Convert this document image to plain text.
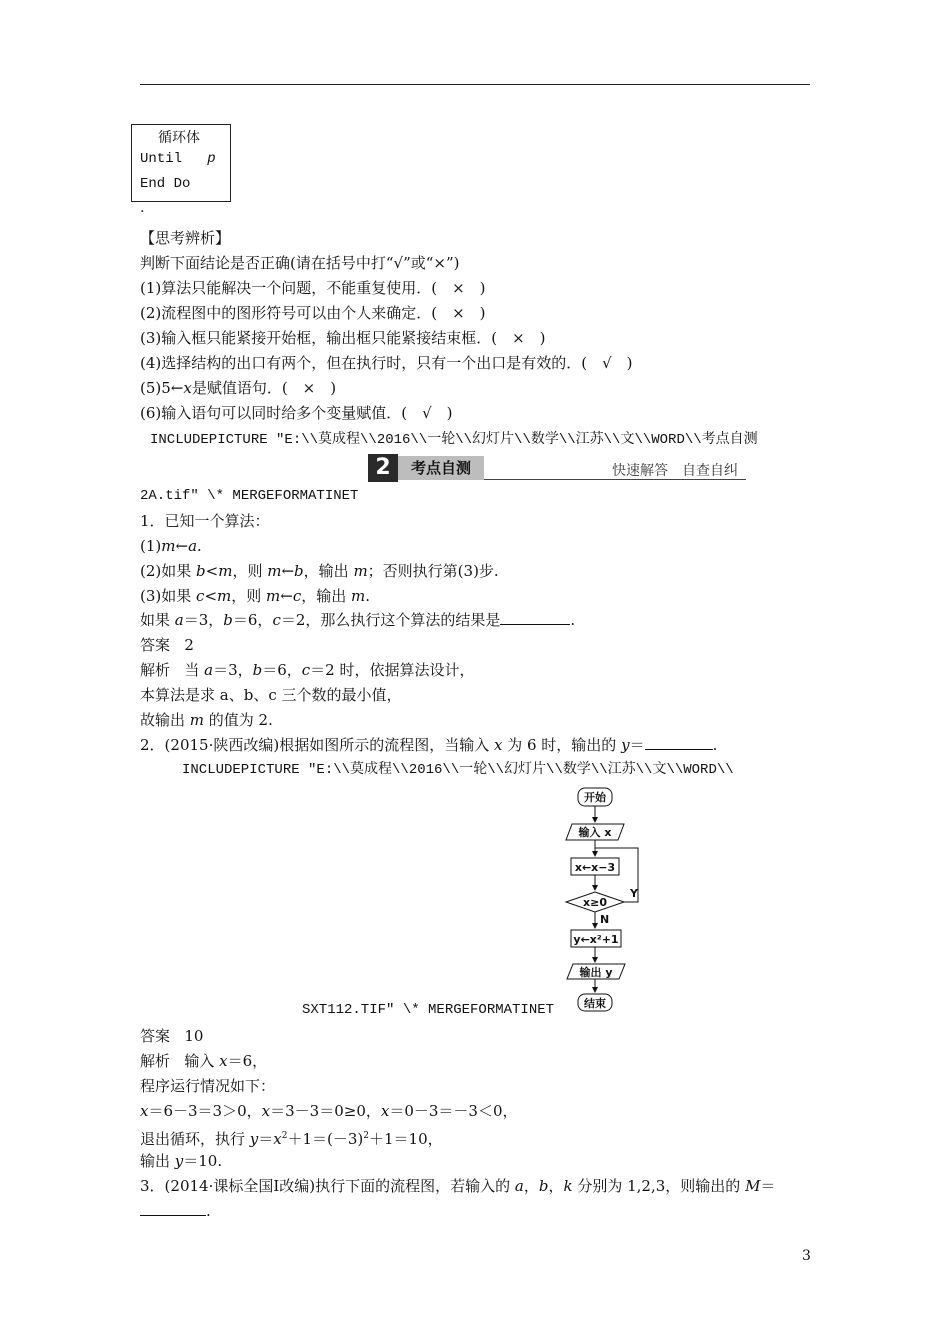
循环体
Until p
End Do
.
【思考辨析】
判断下面结论是否正确(请在括号中打“√”或“×”)
(1)算法只能解决一个问题，不能重复使用．(　×　)
(2)流程图中的图形符号可以由个人来确定．(　×　)
(3)输入框只能紧接开始框，输出框只能紧接结束框．(　×　)
(4)选择结构的出口有两个，但在执行时，只有一个出口是有效的．(　√　)
(5)5←x是赋值语句．(　×　)
(6)输入语句可以同时给多个变量赋值．(　√　)
INCLUDEPICTURE "E:\\莫成程\\2016\\一轮\\幻灯片\\数学\\江苏\\文\\WORD\\考点自测
2	考点自测	快速解答　自查自纠
2A.tif" \* MERGEFORMATINET
1．已知一个算法：
(1)m←a.
(2)如果 b<m，则 m←b，输出 m；否则执行第(3)步.
(3)如果 c<m，则 m←c，输出 m.
如果 a＝3，b＝6，c＝2，那么执行这个算法的结果是	.
答案 2
解析 当 a＝3，b＝6，c＝2 时，依据算法设计，
本算法是求 a、b、c 三个数的最小值，
故输出 m 的值为 2.
2．(2015·陕西改编)根据如图所示的流程图，当输入 x 为 6 时，输出的 y＝	.
INCLUDEPICTURE "E:\\莫成程\\2016\\一轮\\幻灯片\\数学\\江苏\\文\\WORD\\
开始
输入 x
x←x−3
x≥0
Y
N
y←x²+1
输出 y
结束
SXT112.TIF" \* MERGEFORMATINET
答案 10
解析 输入 x＝6，
程序运行情况如下：
x＝6－3＝3＞0，x＝3－3＝0≥0，x＝0－3＝－3＜0，
退出循环，执行 $y=x^2+1=(-3)^2+1=10$，
输出 y＝10.
3．(2014·课标全国Ⅰ改编)执行下面的流程图，若输入的 a，b，k 分别为 1,2,3，则输出的 M＝
.
3
